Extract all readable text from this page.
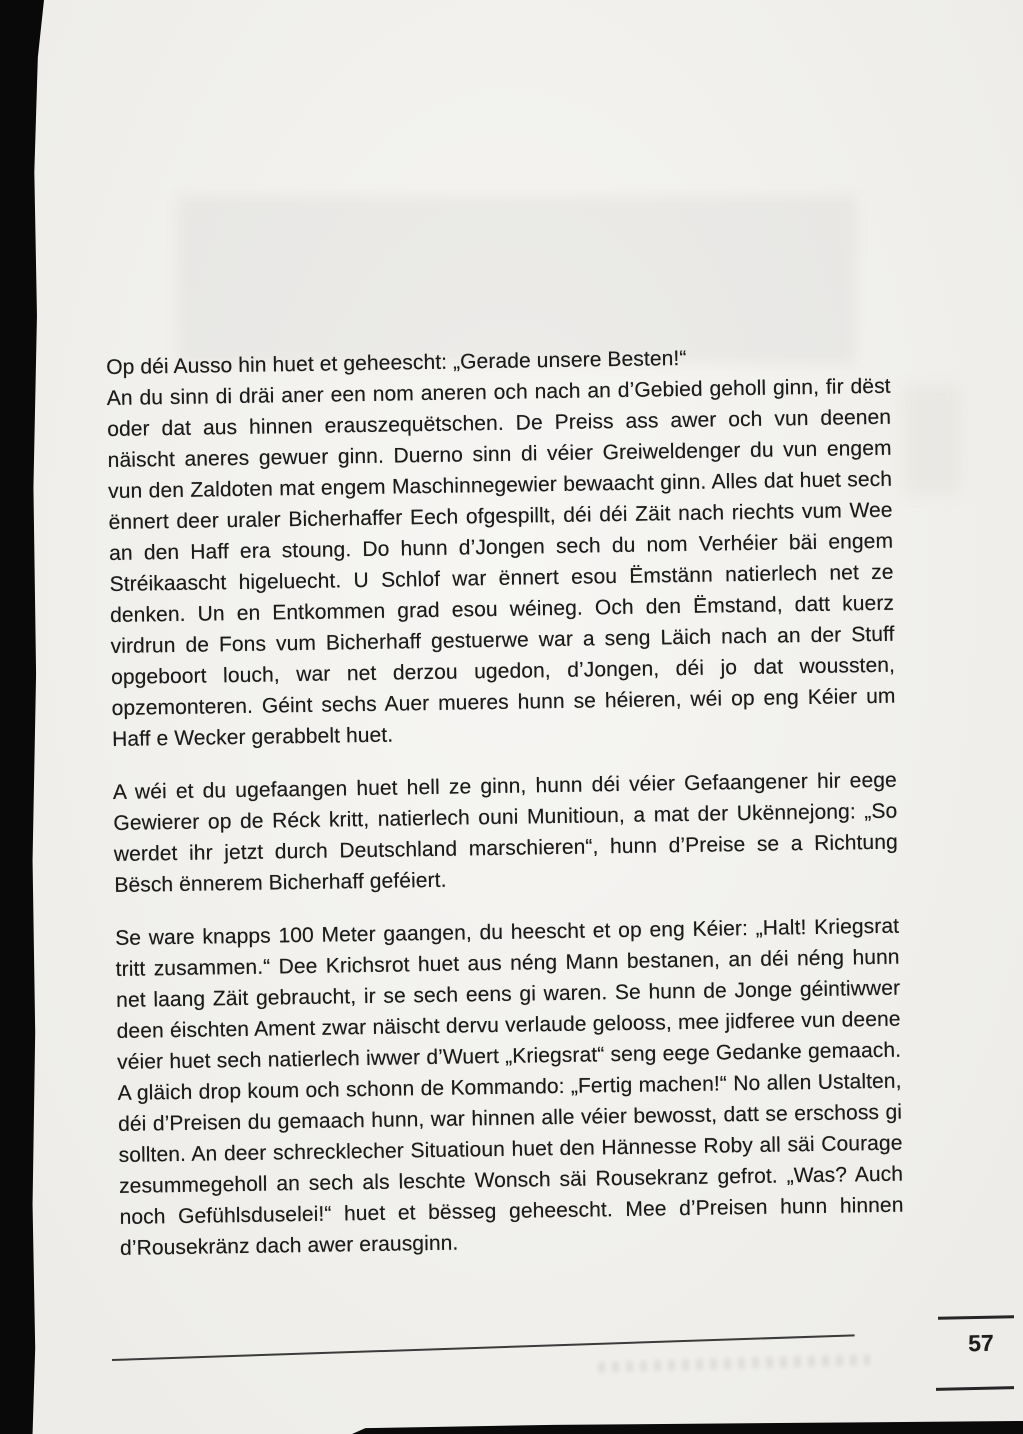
Op déi Ausso hin huet et geheescht: „Gerade unsere Besten!“

An du sinn di dräi aner een nom aneren och nach an d’Gebied geholl ginn, fir dëst oder dat aus hinnen erauszequëtschen. De Preiss ass awer och vun deenen näischt aneres gewuer ginn. Duerno sinn di véier Greiweldenger du vun engem vun den Zaldoten mat engem Maschinnegewier bewaacht ginn. Alles dat huet sech ënnert deer uraler Bicherhaffer Eech ofgespillt, déi déi Zäit nach riechts vum Wee an den Haff era stoung. Do hunn d’Jongen sech du nom Verhéier bäi engem Stréikaascht higeluecht. U Schlof war ënnert esou Ëmstänn natierlech net ze denken. Un en Entkommen grad esou wéineg. Och den Ëmstand, datt kuerz virdrun de Fons vum Bicherhaff gestuerwe war a seng Läich nach an der Stuff opgeboort louch, war net derzou ugedon, d’Jongen, déi jo dat woussten, opzemonteren. Géint sechs Auer mueres hunn se héieren, wéi op eng Kéier um Haff e Wecker gerabbelt huet.

A wéi et du ugefaangen huet hell ze ginn, hunn déi véier Gefaangener hir eege Gewierer op de Réck kritt, natierlech ouni Munitioun, a mat der Ukënnejong: „So werdet ihr jetzt durch Deutschland marschieren“, hunn d’Preise se a Richtung Bësch ënnerem Bicherhaff geféiert.

Se ware knapps 100 Meter gaangen, du heescht et op eng Kéier: „Halt! Kriegsrat tritt zusammen.“ Dee Krichsrot huet aus néng Mann bestanen, an déi néng hunn net laang Zäit gebraucht, ir se sech eens gi waren. Se hunn de Jonge géintiwwer deen éischten Ament zwar näischt dervu verlaude gelooss, mee jidferee vun deene véier huet sech natierlech iwwer d’Wuert „Kriegsrat“ seng eege Gedanke gemaach. A gläich drop koum och schonn de Kommando: „Fertig machen!“ No allen Ustalten, déi d’Preisen du gemaach hunn, war hinnen alle véier bewosst, datt se erschoss gi sollten. An deer schrecklecher Situatioun huet den Hännesse Roby all säi Courage zesummegeholl an sech als leschte Wonsch säi Rousekranz gefrot. „Was? Auch noch Gefühlsduselei!“ huet et bësseg geheescht. Mee d’Preisen hunn hinnen d’Rousekränz dach awer erausginn.

57
